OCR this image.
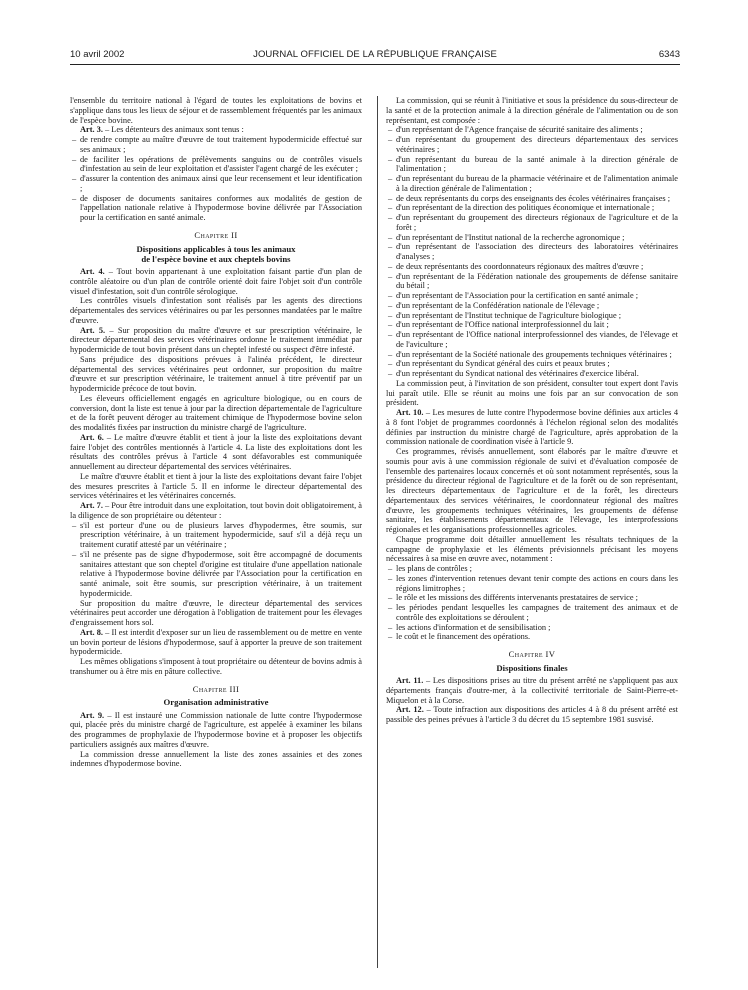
10 avril 2002	JOURNAL OFFICIEL DE LA RÉPUBLIQUE FRANÇAISE	6343

l'ensemble du territoire national à l'égard de toutes les exploitations de bovins et s'applique dans tous les lieux de séjour et de rassemblement fréquentés par les animaux de l'espèce bovine.

Art. 3. – Les détenteurs des animaux sont tenus :

– de rendre compte au maître d'œuvre de tout traitement hypodermicide effectué sur ses animaux ;
– de faciliter les opérations de prélèvements sanguins ou de contrôles visuels d'infestation au sein de leur exploitation et d'assister l'agent chargé de les exécuter ;
– d'assurer la contention des animaux ainsi que leur recensement et leur identification ;
– de disposer de documents sanitaires conformes aux modalités de gestion de l'appellation nationale relative à l'hypodermose bovine délivrée par l'Association pour la certification en santé animale.
Chapitre II
Dispositions applicables à tous les animaux
de l'espèce bovine et aux cheptels bovins

Art. 4. – Tout bovin appartenant à une exploitation faisant partie d'un plan de contrôle aléatoire ou d'un plan de contrôle orienté doit faire l'objet soit d'un contrôle visuel d'infestation, soit d'un contrôle sérologique.

Les contrôles visuels d'infestation sont réalisés par les agents des directions départementales des services vétérinaires ou par les personnes mandatées par le maître d'œuvre.

Art. 5. – Sur proposition du maître d'œuvre et sur prescription vétérinaire, le directeur départemental des services vétérinaires ordonne le traitement immédiat par hypodermicide de tout bovin présent dans un cheptel infesté ou suspect d'être infesté.

Sans préjudice des dispositions prévues à l'alinéa précédent, le directeur départemental des services vétérinaires peut ordonner, sur proposition du maître d'œuvre et sur prescription vétérinaire, le traitement annuel à titre préventif par un hypodermicide précoce de tout bovin.

Les éleveurs officiellement engagés en agriculture biologique, ou en cours de conversion, dont la liste est tenue à jour par la direction départementale de l'agriculture et de la forêt peuvent déroger au traitement chimique de l'hypodermose bovine selon des modalités fixées par instruction du ministre chargé de l'agriculture.

Art. 6. – Le maître d'œuvre établit et tient à jour la liste des exploitations devant faire l'objet des contrôles mentionnés à l'article 4. La liste des exploitations dont les résultats des contrôles prévus à l'article 4 sont défavorables est communiquée annuellement au directeur départemental des services vétérinaires.

Le maître d'œuvre établit et tient à jour la liste des exploitations devant faire l'objet des mesures prescrites à l'article 5. Il en informe le directeur départemental des services vétérinaires et les vétérinaires concernés.

Art. 7. – Pour être introduit dans une exploitation, tout bovin doit obligatoirement, à la diligence de son propriétaire ou détenteur :

– s'il est porteur d'une ou de plusieurs larves d'hypodermes, être soumis, sur prescription vétérinaire, à un traitement hypodermicide, sauf s'il a déjà reçu un traitement curatif attesté par un vétérinaire ;
– s'il ne présente pas de signe d'hypodermose, soit être accompagné de documents sanitaires attestant que son cheptel d'origine est titulaire d'une appellation nationale relative à l'hypodermose bovine délivrée par l'Association pour la certification en santé animale, soit être soumis, sur prescription vétérinaire, à un traitement hypodermicide.

Sur proposition du maître d'œuvre, le directeur départemental des services vétérinaires peut accorder une dérogation à l'obligation de traitement pour les élevages d'engraissement hors sol.

Art. 8. – Il est interdit d'exposer sur un lieu de rassemblement ou de mettre en vente un bovin porteur de lésions d'hypodermose, sauf à apporter la preuve de son traitement hypodermicide.

Les mêmes obligations s'imposent à tout propriétaire ou détenteur de bovins admis à transhumer ou à être mis en pâture collective.

Chapitre III
Organisation administrative

Art. 9. – Il est instauré une Commission nationale de lutte contre l'hypodermose qui, placée près du ministre chargé de l'agriculture, est appelée à examiner les bilans des programmes de prophylaxie de l'hypodermose bovine et à proposer les objectifs particuliers assignés aux maîtres d'œuvre.

La commission dresse annuellement la liste des zones assainies et des zones indemnes d'hypodermose bovine.

La commission, qui se réunit à l'initiative et sous la présidence du sous-directeur de la santé et de la protection animale à la direction générale de l'alimentation ou de son représentant, est composée :

– d'un représentant de l'Agence française de sécurité sanitaire des aliments ;
– d'un représentant du groupement des directeurs départementaux des services vétérinaires ;
– d'un représentant du bureau de la santé animale à la direction générale de l'alimentation ;
– d'un représentant du bureau de la pharmacie vétérinaire et de l'alimentation animale à la direction générale de l'alimentation ;
– de deux représentants du corps des enseignants des écoles vétérinaires françaises ;
– d'un représentant de la direction des politiques économique et internationale ;
– d'un représentant du groupement des directeurs régionaux de l'agriculture et de la forêt ;
– d'un représentant de l'Institut national de la recherche agronomique ;
– d'un représentant de l'association des directeurs des laboratoires vétérinaires d'analyses ;
– de deux représentants des coordonnateurs régionaux des maîtres d'œuvre ;
– d'un représentant de la Fédération nationale des groupements de défense sanitaire du bétail ;
– d'un représentant de l'Association pour la certification en santé animale ;
– d'un représentant de la Confédération nationale de l'élevage ;
– d'un représentant de l'Institut technique de l'agriculture biologique ;
– d'un représentant de l'Office national interprofessionnel du lait ;
– d'un représentant de l'Office national interprofessionnel des viandes, de l'élevage et de l'aviculture ;
– d'un représentant de la Société nationale des groupements techniques vétérinaires ;
– d'un représentant du Syndicat général des cuirs et peaux brutes ;
– d'un représentant du Syndicat national des vétérinaires d'exercice libéral.

La commission peut, à l'invitation de son président, consulter tout expert dont l'avis lui paraît utile. Elle se réunit au moins une fois par an sur convocation de son président.

Art. 10. – Les mesures de lutte contre l'hypodermose bovine définies aux articles 4 à 8 font l'objet de programmes coordonnés à l'échelon régional selon des modalités définies par instruction du ministre chargé de l'agriculture, après approbation de la commission nationale de coordination visée à l'article 9.

Ces programmes, révisés annuellement, sont élaborés par le maître d'œuvre et soumis pour avis à une commission régionale de suivi et d'évaluation composée de l'ensemble des partenaires locaux concernés et où sont notamment représentés, sous la présidence du directeur régional de l'agriculture et de la forêt ou de son représentant, les directeurs départementaux de l'agriculture et de la forêt, les directeurs départementaux des services vétérinaires, le coordonnateur régional des maîtres d'œuvre, les groupements techniques vétérinaires, les groupements de défense sanitaire, les établissements départementaux de l'élevage, les interprofessions régionales et les organisations professionnelles agricoles.

Chaque programme doit détailler annuellement les résultats techniques de la campagne de prophylaxie et les éléments prévisionnels précisant les moyens nécessaires à sa mise en œuvre avec, notamment :

– les plans de contrôles ;
– les zones d'intervention retenues devant tenir compte des actions en cours dans les régions limitrophes ;
– le rôle et les missions des différents intervenants prestataires de service ;
– les périodes pendant lesquelles les campagnes de traitement des animaux et de contrôle des exploitations se déroulent ;
– les actions d'information et de sensibilisation ;
– le coût et le financement des opérations.
Chapitre IV
Dispositions finales

Art. 11. – Les dispositions prises au titre du présent arrêté ne s'appliquent pas aux départements français d'outre-mer, à la collectivité territoriale de Saint-Pierre-et-Miquelon et à la Corse.

Art. 12. – Toute infraction aux dispositions des articles 4 à 8 du présent arrêté est passible des peines prévues à l'article 3 du décret du 15 septembre 1981 susvisé.
